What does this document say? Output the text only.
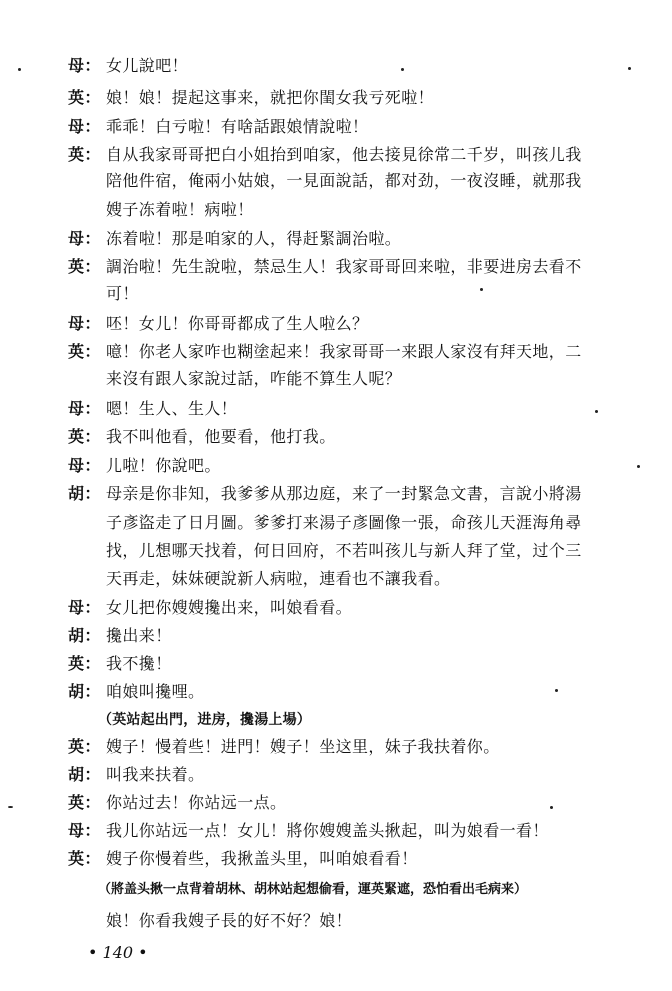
母： 女儿說吧！
英： 娘！娘！提起这事来，就把你閨女我亏死啦！
母： 乖乖！白亏啦！有啥話跟娘情說啦！
英： 自从我家哥哥把白小姐抬到咱家，他去接見徐常二千岁，叫孩儿我
陪他件宿，俺兩小姑娘，一見面說話，都对劲，一夜沒睡，就那我
嫂子冻着啦！病啦！
母： 冻着啦！那是咱家的人，得赶緊調治啦。
英： 調治啦！先生說啦，禁忌生人！我家哥哥回来啦，非要进房去看不
可！
母： 呸！女儿！你哥哥都成了生人啦么？
英： 噫！你老人家咋也糊塗起来！我家哥哥一来跟人家沒有拜天地，二
来沒有跟人家說过話，咋能不算生人呢？
母： 嗯！生人、生人！
英： 我不叫他看，他要看，他打我。
母： 儿啦！你說吧。
胡： 母亲是你非知，我爹爹从那边庭，来了一封緊急文書，言說小將湯
子彥盜走了日月圖。爹爹打来湯子彥圖像一張，命孩儿天涯海角尋
找，儿想哪天找着，何日回府，不若叫孩儿与新人拜了堂，过个三
天再走，妹妹硬說新人病啦，連看也不讓我看。
母： 女儿把你嫂嫂攙出来，叫娘看看。
胡： 攙出来！
英： 我不攙！
胡： 咱娘叫攙哩。
（英站起出門，进房，攙湯上場）
英： 嫂子！慢着些！进門！嫂子！坐这里，妹子我扶着你。
胡： 叫我来扶着。
英： 你站过去！你站远一点。
母： 我儿你站远一点！女儿！將你嫂嫂盖头揪起，叫为娘看一看！
英： 嫂子你慢着些，我揪盖头里，叫咱娘看看！
（將盖头揪一点背着胡林、胡林站起想偷看，運英緊遮，恐怕看出毛病来）
娘！你看我嫂子長的好不好？娘！
• 140 •
